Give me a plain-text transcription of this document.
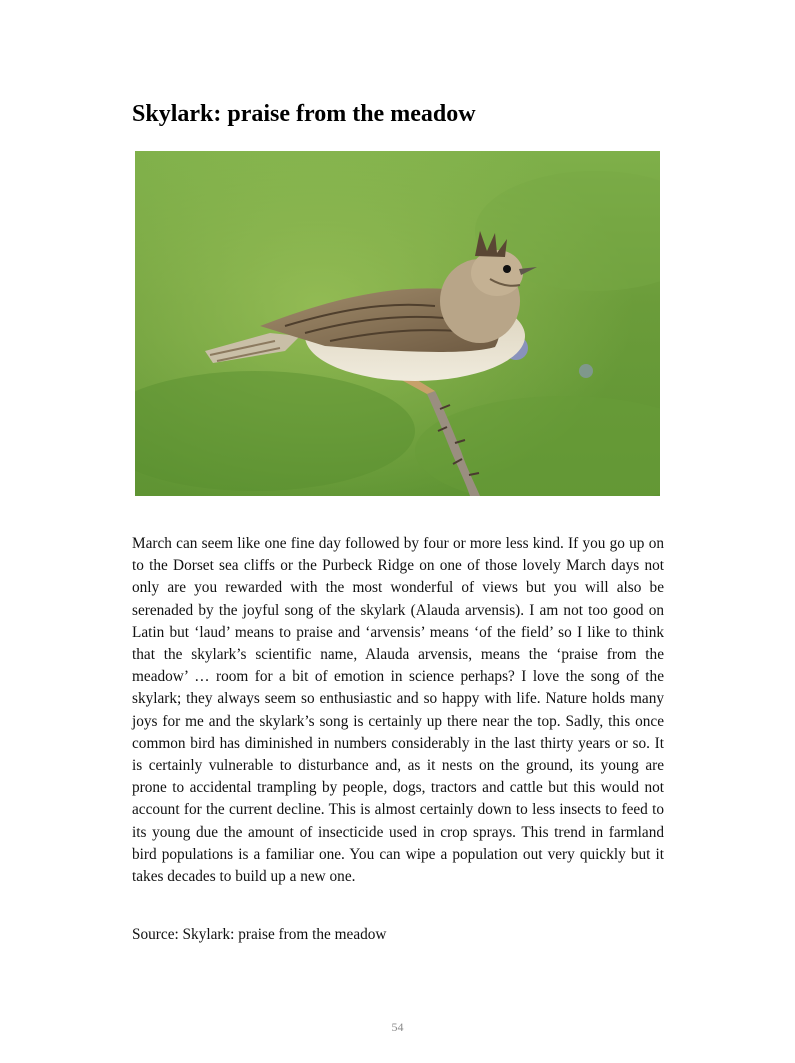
Skylark: praise from the meadow

March can seem like one fine day followed by four or more less kind. If you go up on to the Dorset sea cliffs or the Purbeck Ridge on one of those lovely March days not only are you rewarded with the most wonderful of views but you will also be serenaded by the joyful song of the skylark (Alauda arvensis). I am not too good on Latin but ‘laud’ means to praise and ‘arvensis’ means ‘of the field’ so I like to think that the skylark’s scientific name, Alauda arvensis, means the ‘praise from the meadow’ … room for a bit of emotion in science perhaps? I love the song of the skylark; they always seem so enthusiastic and so happy with life. Nature holds many joys for me and the skylark’s song is certainly up there near the top. Sadly, this once common bird has diminished in numbers considerably in the last thirty years or so. It is certainly vulnerable to disturbance and, as it nests on the ground, its young are prone to accidental trampling by people, dogs, tractors and cattle but this would not account for the current decline. This is almost certainly down to less insects to feed to its young due the amount of insecticide used in crop sprays. This trend in farmland bird populations is a familiar one. You can wipe a population out very quickly but it takes decades to build up a new one.

Source: Skylark: praise from the meadow

54
